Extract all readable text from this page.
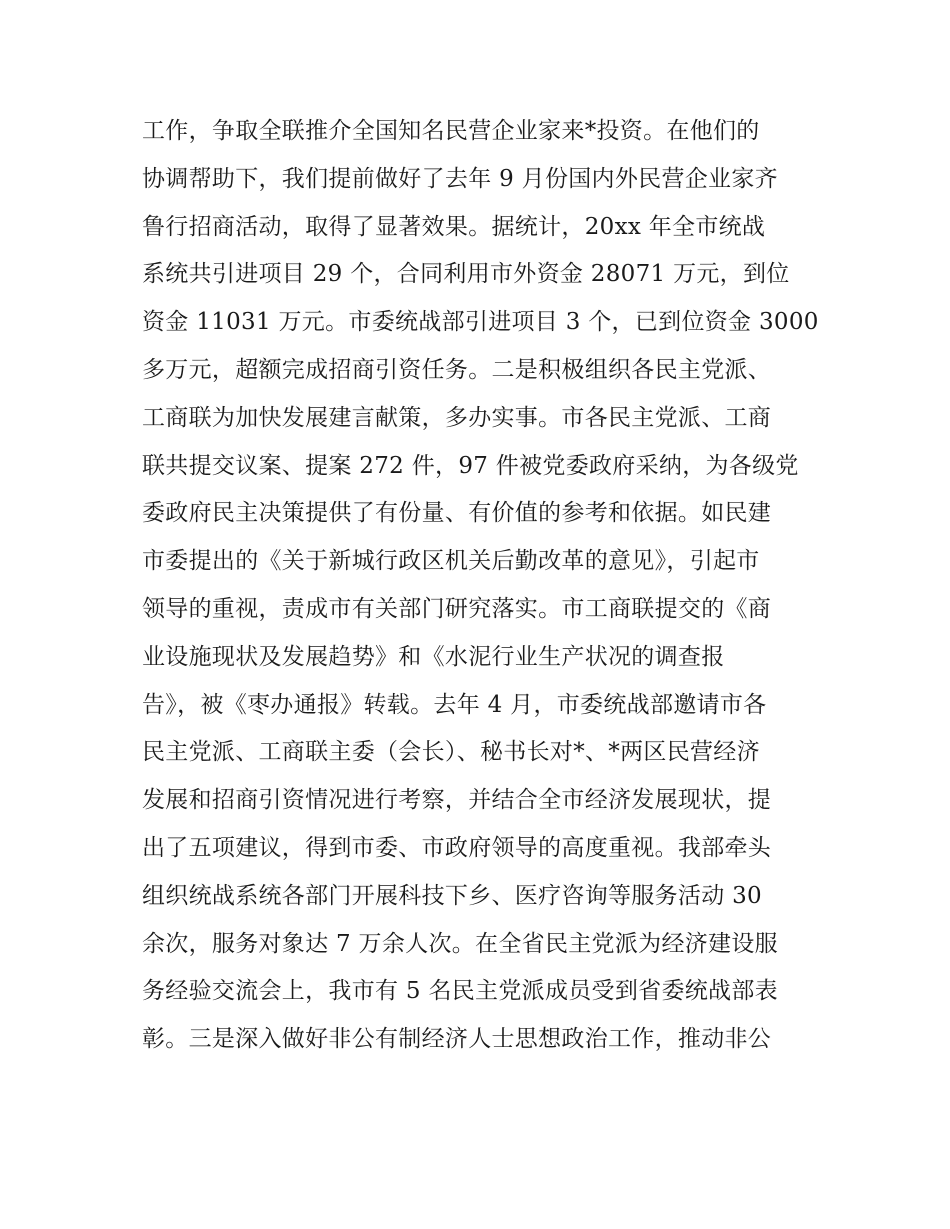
工作，争取全联推介全国知名民营企业家来*投资。在他们的
协调帮助下，我们提前做好了去年 9 月份国内外民营企业家齐
鲁行招商活动，取得了显著效果。据统计，20xx 年全市统战
系统共引进项目 29 个，合同利用市外资金 28071 万元，到位
资金 11031 万元。市委统战部引进项目 3 个，已到位资金 3000
多万元，超额完成招商引资任务。二是积极组织各民主党派、
工商联为加快发展建言献策，多办实事。市各民主党派、工商
联共提交议案、提案 272 件，97 件被党委政府采纳，为各级党
委政府民主决策提供了有份量、有价值的参考和依据。如民建
市委提出的《关于新城行政区机关后勤改革的意见》，引起市
领导的重视，责成市有关部门研究落实。市工商联提交的《商
业设施现状及发展趋势》和《水泥行业生产状况的调查报
告》，被《枣办通报》转载。去年 4 月，市委统战部邀请市各
民主党派、工商联主委（会长）、秘书长对*、*两区民营经济
发展和招商引资情况进行考察，并结合全市经济发展现状，提
出了五项建议，得到市委、市政府领导的高度重视。我部牵头
组织统战系统各部门开展科技下乡、医疗咨询等服务活动 30
余次，服务对象达 7 万余人次。在全省民主党派为经济建设服
务经验交流会上，我市有 5 名民主党派成员受到省委统战部表
彰。三是深入做好非公有制经济人士思想政治工作，推动非公
